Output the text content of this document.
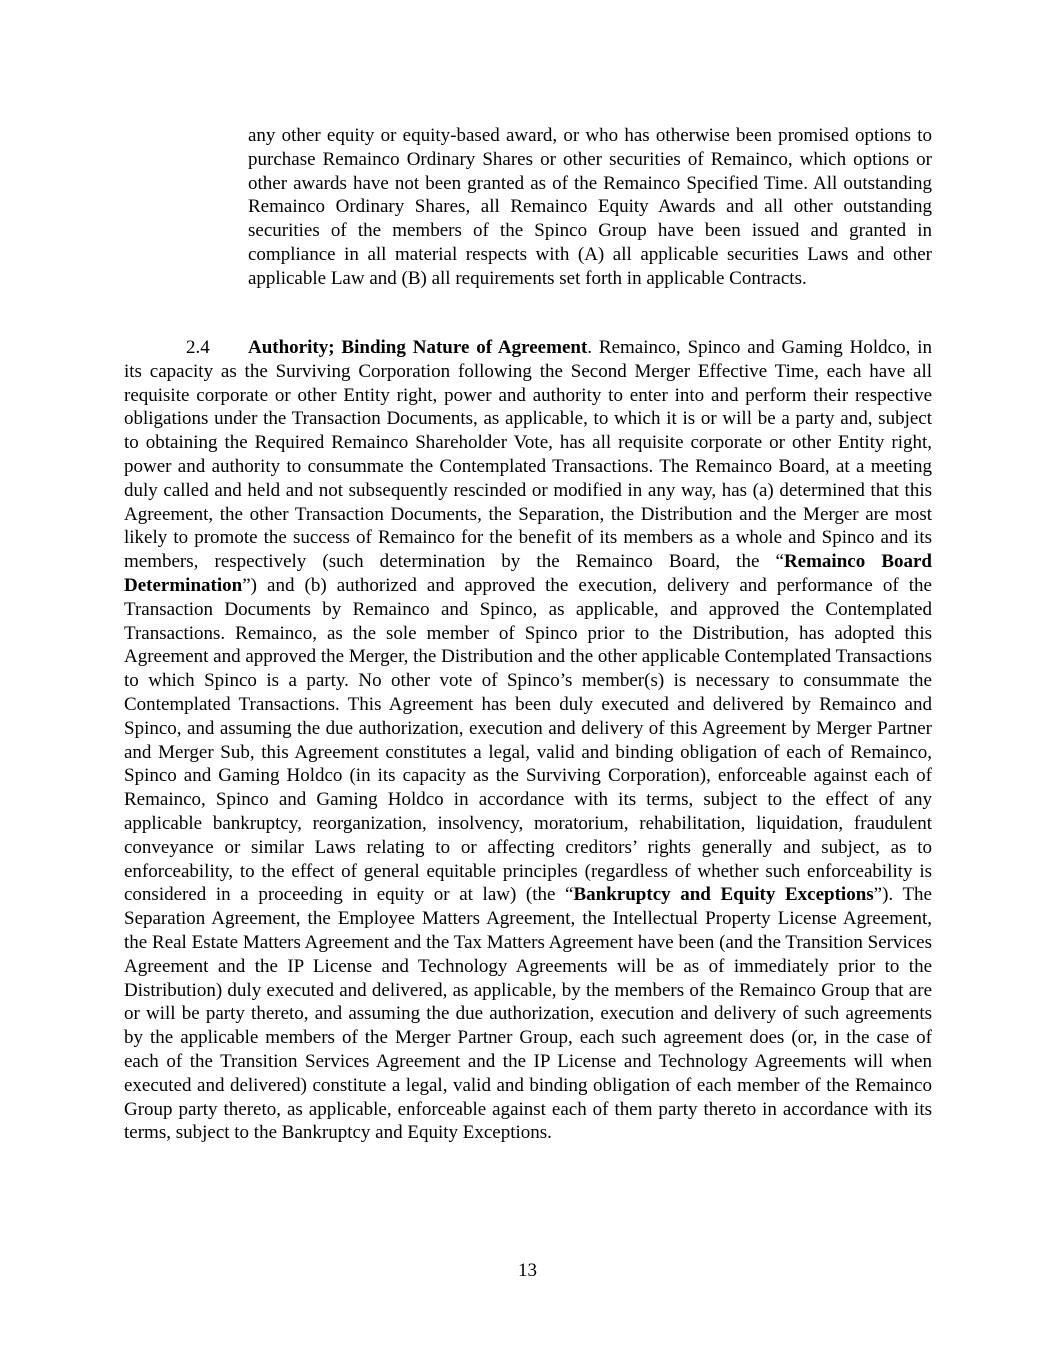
any other equity or equity-based award, or who has otherwise been promised options to purchase Remainco Ordinary Shares or other securities of Remainco, which options or other awards have not been granted as of the Remainco Specified Time. All outstanding Remainco Ordinary Shares, all Remainco Equity Awards and all other outstanding securities of the members of the Spinco Group have been issued and granted in compliance in all material respects with (A) all applicable securities Laws and other applicable Law and (B) all requirements set forth in applicable Contracts.

2.4 Authority; Binding Nature of Agreement. Remainco, Spinco and Gaming Holdco, in its capacity as the Surviving Corporation following the Second Merger Effective Time, each have all requisite corporate or other Entity right, power and authority to enter into and perform their respective obligations under the Transaction Documents, as applicable, to which it is or will be a party and, subject to obtaining the Required Remainco Shareholder Vote, has all requisite corporate or other Entity right, power and authority to consummate the Contemplated Transactions. The Remainco Board, at a meeting duly called and held and not subsequently rescinded or modified in any way, has (a) determined that this Agreement, the other Transaction Documents, the Separation, the Distribution and the Merger are most likely to promote the success of Remainco for the benefit of its members as a whole and Spinco and its members, respectively (such determination by the Remainco Board, the “Remainco Board Determination”) and (b) authorized and approved the execution, delivery and performance of the Transaction Documents by Remainco and Spinco, as applicable, and approved the Contemplated Transactions. Remainco, as the sole member of Spinco prior to the Distribution, has adopted this Agreement and approved the Merger, the Distribution and the other applicable Contemplated Transactions to which Spinco is a party. No other vote of Spinco’s member(s) is necessary to consummate the Contemplated Transactions. This Agreement has been duly executed and delivered by Remainco and Spinco, and assuming the due authorization, execution and delivery of this Agreement by Merger Partner and Merger Sub, this Agreement constitutes a legal, valid and binding obligation of each of Remainco, Spinco and Gaming Holdco (in its capacity as the Surviving Corporation), enforceable against each of Remainco, Spinco and Gaming Holdco in accordance with its terms, subject to the effect of any applicable bankruptcy, reorganization, insolvency, moratorium, rehabilitation, liquidation, fraudulent conveyance or similar Laws relating to or affecting creditors’ rights generally and subject, as to enforceability, to the effect of general equitable principles (regardless of whether such enforceability is considered in a proceeding in equity or at law) (the “Bankruptcy and Equity Exceptions”). The Separation Agreement, the Employee Matters Agreement, the Intellectual Property License Agreement, the Real Estate Matters Agreement and the Tax Matters Agreement have been (and the Transition Services Agreement and the IP License and Technology Agreements will be as of immediately prior to the Distribution) duly executed and delivered, as applicable, by the members of the Remainco Group that are or will be party thereto, and assuming the due authorization, execution and delivery of such agreements by the applicable members of the Merger Partner Group, each such agreement does (or, in the case of each of the Transition Services Agreement and the IP License and Technology Agreements will when executed and delivered) constitute a legal, valid and binding obligation of each member of the Remainco Group party thereto, as applicable, enforceable against each of them party thereto in accordance with its terms, subject to the Bankruptcy and Equity Exceptions.

13
